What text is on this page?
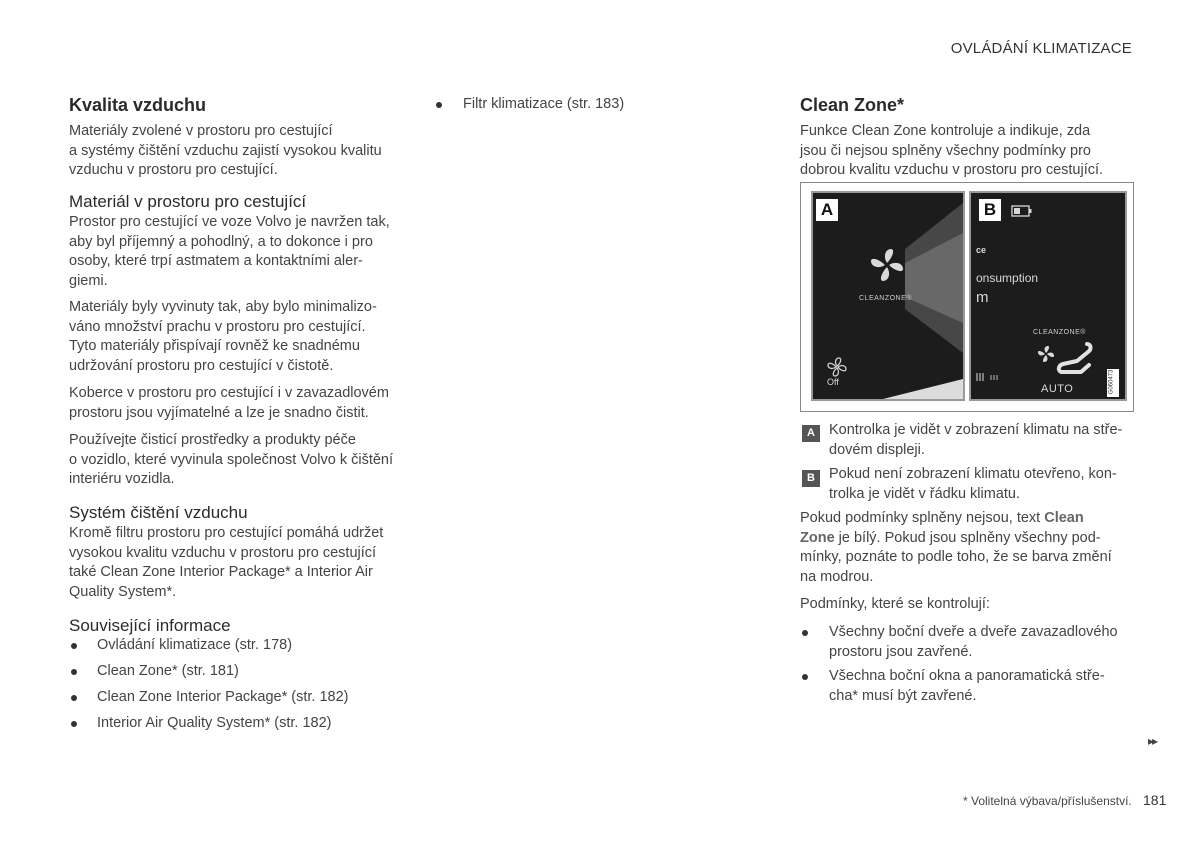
OVLÁDÁNÍ KLIMATIZACE
Kvalita vzduchu
Materiály zvolené v prostoru pro cestující
a systémy čištění vzduchu zajistí vysokou kvalitu
vzduchu v prostoru pro cestující.
Materiál v prostoru pro cestující
Prostor pro cestující ve voze Volvo je navržen tak,
aby byl příjemný a pohodlný, a to dokonce i pro
osoby, které trpí astmatem a kontaktními aler-
giemi.
Materiály byly vyvinuty tak, aby bylo minimalizo-
váno množství prachu v prostoru pro cestující.
Tyto materiály přispívají rovněž ke snadnému
udržování prostoru pro cestující v čistotě.
Koberce v prostoru pro cestující i v zavazadlovém
prostoru jsou vyjímatelné a lze je snadno čistit.
Používejte čisticí prostředky a produkty péče
o vozidlo, které vyvinula společnost Volvo k čištění
interiéru vozidla.
Systém čištění vzduchu
Kromě filtru prostoru pro cestující pomáhá udržet
vysokou kvalitu vzduchu v prostoru pro cestující
také Clean Zone Interior Package* a Interior Air
Quality System*.
Související informace
Ovládání klimatizace (str. 178)
Clean Zone* (str. 181)
Clean Zone Interior Package* (str. 182)
Interior Air Quality System* (str. 182)
Filtr klimatizace (str. 183)	Clean Zone*
Funkce Clean Zone kontroluje a indikuje, zda
jsou či nejsou splněny všechny podmínky pro
dobrou kvalitu vzduchu v prostoru pro cestující.
A
CLEANZONE®
Off
B
ce
onsumption
m
CLEANZONE®
AUTO	G060473
A Kontrolka je vidět v zobrazení klimatu na stře-
dovém displeji.
B Pokud není zobrazení klimatu otevřeno, kon-
trolka je vidět v řádku klimatu.
Pokud podmínky splněny nejsou, text Clean
Zone je bílý. Pokud jsou splněny všechny pod-
mínky, poznáte to podle toho, že se barva změní
na modrou.
Podmínky, které se kontrolují:
Všechny boční dveře a dveře zavazadlového
prostoru jsou zavřené.
Všechna boční okna a panoramatická stře-
cha* musí být zavřené.
▸▸
* Volitelná výbava/příslušenství. 181
